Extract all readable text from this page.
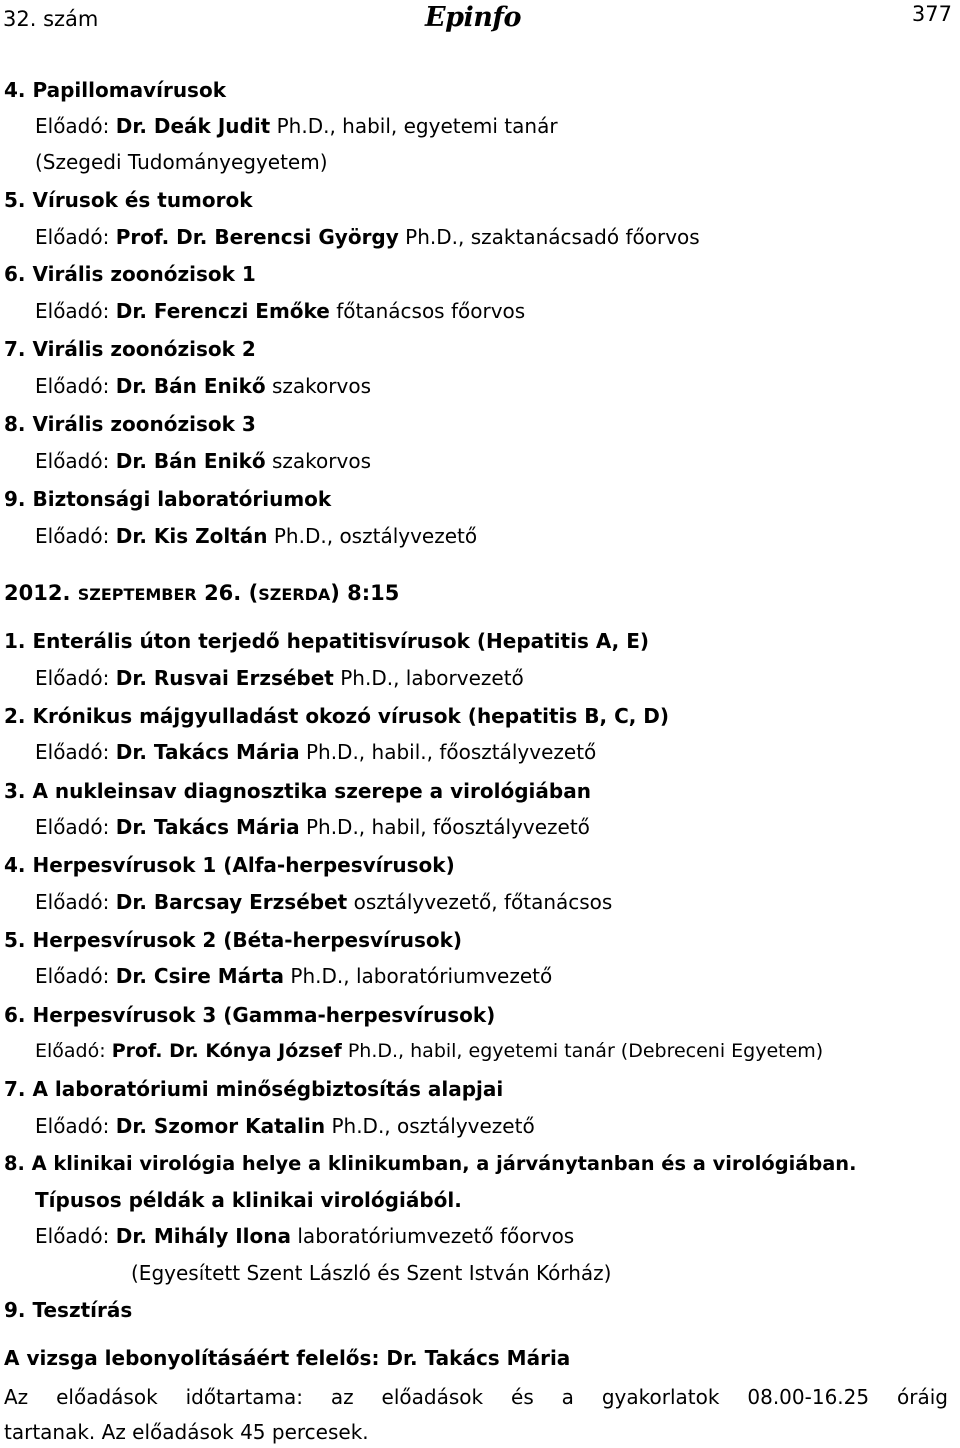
32. szám	Epinfo	377
4. Papillomavírusok
Előadó: Dr. Deák Judit Ph.D., habil, egyetemi tanár
(Szegedi Tudományegyetem)
5. Vírusok és tumorok
Előadó: Prof. Dr. Berencsi György Ph.D., szaktanácsadó főorvos
6. Virális zoonózisok 1
Előadó: Dr. Ferenczi Emőke főtanácsos főorvos
7. Virális zoonózisok 2
Előadó: Dr. Bán Enikő szakorvos
8. Virális zoonózisok 3
Előadó: Dr. Bán Enikő szakorvos
9. Biztonsági laboratóriumok
Előadó: Dr. Kis Zoltán Ph.D., osztályvezető
2012. SZEPTEMBER 26. (SZERDA) 8:15
1. Enterális úton terjedő hepatitisvírusok (Hepatitis A, E)
Előadó: Dr. Rusvai Erzsébet Ph.D., laborvezető
2. Krónikus májgyulladást okozó vírusok (hepatitis B, C, D)
Előadó: Dr. Takács Mária Ph.D., habil., főosztályvezető
3. A nukleinsav diagnosztika szerepe a virológiában
Előadó: Dr. Takács Mária Ph.D., habil, főosztályvezető
4. Herpesvírusok 1 (Alfa-herpesvírusok)
Előadó: Dr. Barcsay Erzsébet osztályvezető, főtanácsos
5. Herpesvírusok 2 (Béta-herpesvírusok)
Előadó: Dr. Csire Márta Ph.D., laboratóriumvezető
6. Herpesvírusok 3 (Gamma-herpesvírusok)
Előadó: Prof. Dr. Kónya József Ph.D., habil, egyetemi tanár (Debreceni Egyetem)
7. A laboratóriumi minőségbiztosítás alapjai
Előadó: Dr. Szomor Katalin Ph.D., osztályvezető
8. A klinikai virológia helye a klinikumban, a járványtanban és a virológiában.
Típusos példák a klinikai virológiából.
Előadó: Dr. Mihály Ilona laboratóriumvezető főorvos
(Egyesített Szent László és Szent István Kórház)
9. Tesztírás
A vizsga lebonyolításáért felelős: Dr. Takács Mária
Az előadások időtartama: az előadások és a gyakorlatok 08.00-16.25 óráig
tartanak. Az előadások 45 percesek.
